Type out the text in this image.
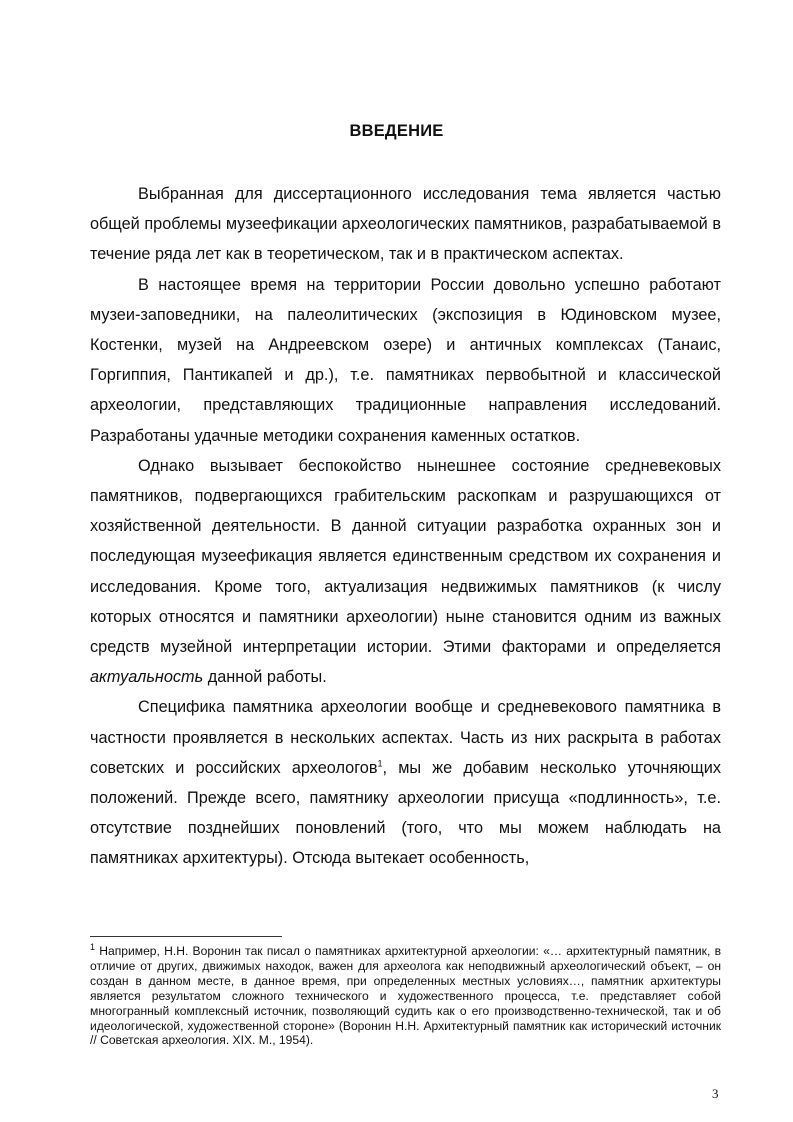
ВВЕДЕНИЕ

Выбранная для диссертационного исследования тема является частью общей проблемы музеефикации археологических памятников, разрабатываемой в течение ряда лет как в теоретическом, так и в практическом аспектах.

В настоящее время на территории России довольно успешно работают музеи-заповедники, на палеолитических (экспозиция в Юдиновском музее, Костенки, музей на Андреевском озере) и античных комплексах (Танаис, Горгиппия, Пантикапей и др.), т.е. памятниках первобытной и классической археологии, представляющих традиционные направления исследований. Разработаны удачные методики сохранения каменных остатков.

Однако вызывает беспокойство нынешнее состояние средневековых памятников, подвергающихся грабительским раскопкам и разрушающихся от хозяйственной деятельности. В данной ситуации разработка охранных зон и последующая музеефикация является единственным средством их сохранения и исследования. Кроме того, актуализация недвижимых памятников (к числу которых относятся и памятники археологии) ныне становится одним из важных средств музейной интерпретации истории. Этими факторами и определяется актуальность данной работы.

Специфика памятника археологии вообще и средневекового памятника в частности проявляется в нескольких аспектах. Часть из них раскрыта в работах советских и российских археологов$^1$, мы же добавим несколько уточняющих положений. Прежде всего, памятнику археологии присуща «подлинность», т.е. отсутствие позднейших поновлений (того, что мы можем наблюдать на памятниках архитектуры). Отсюда вытекает особенность,

$^1$ Например, Н.Н. Воронин так писал о памятниках архитектурной археологии: «… архитектурный памятник, в отличие от других, движимых находок, важен для археолога как неподвижный археологический объект, – он создан в данном месте, в данное время, при определенных местных условиях…, памятник архитектуры является результатом сложного технического и художественного процесса, т.е. представляет собой многогранный комплексный источник, позволяющий судить как о его производственно-технической, так и об идеологической, художественной стороне» (Воронин Н.Н. Архитектурный памятник как исторический источник // Советская археология. XIX. М., 1954).
3
